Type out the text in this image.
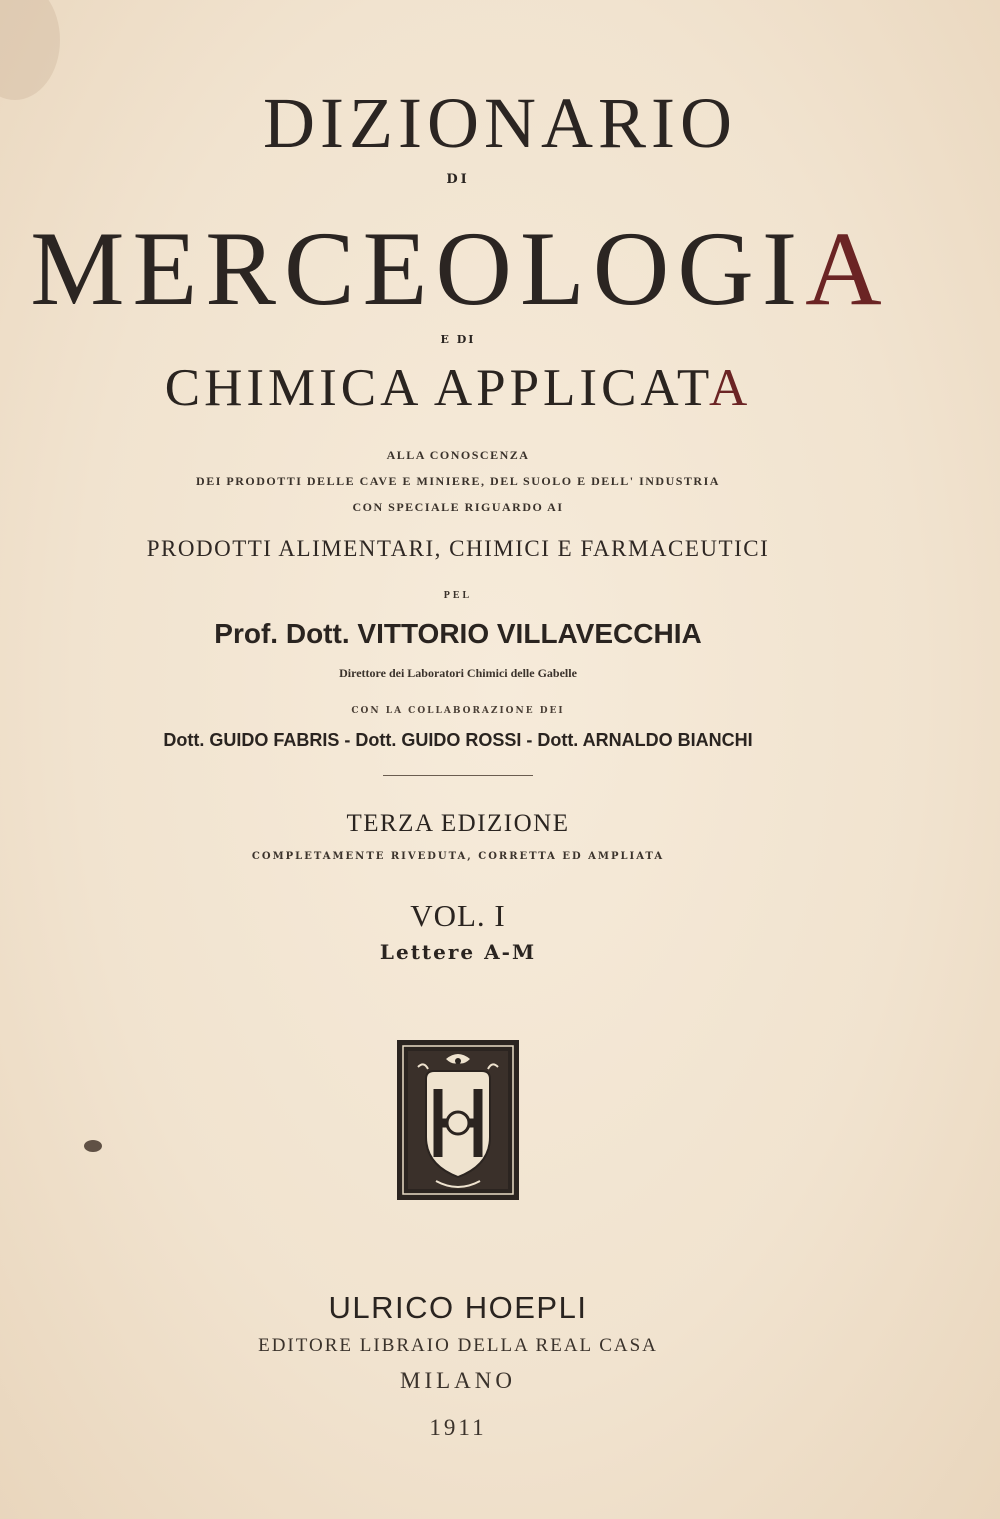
DIZIONARIO
DI
MERCEOLOGIA
E DI
CHIMICA APPLICATA
ALLA CONOSCENZA
DEI PRODOTTI DELLE CAVE E MINIERE, DEL SUOLO E DELL' INDUSTRIA
CON SPECIALE RIGUARDO AI
PRODOTTI ALIMENTARI, CHIMICI E FARMACEUTICI
PEL
Prof. Dott. VITTORIO VILLAVECCHIA
Direttore dei Laboratori Chimici delle Gabelle
CON LA COLLABORAZIONE DEI
Dott. GUIDO FABRIS - Dott. GUIDO ROSSI - Dott. ARNALDO BIANCHI
TERZA EDIZIONE
COMPLETAMENTE RIVEDUTA, CORRETTA ED AMPLIATA
VOL. I
Lettere A-M
ULRICO HOEPLI
EDITORE LIBRAIO DELLA REAL CASA
MILANO
1911
